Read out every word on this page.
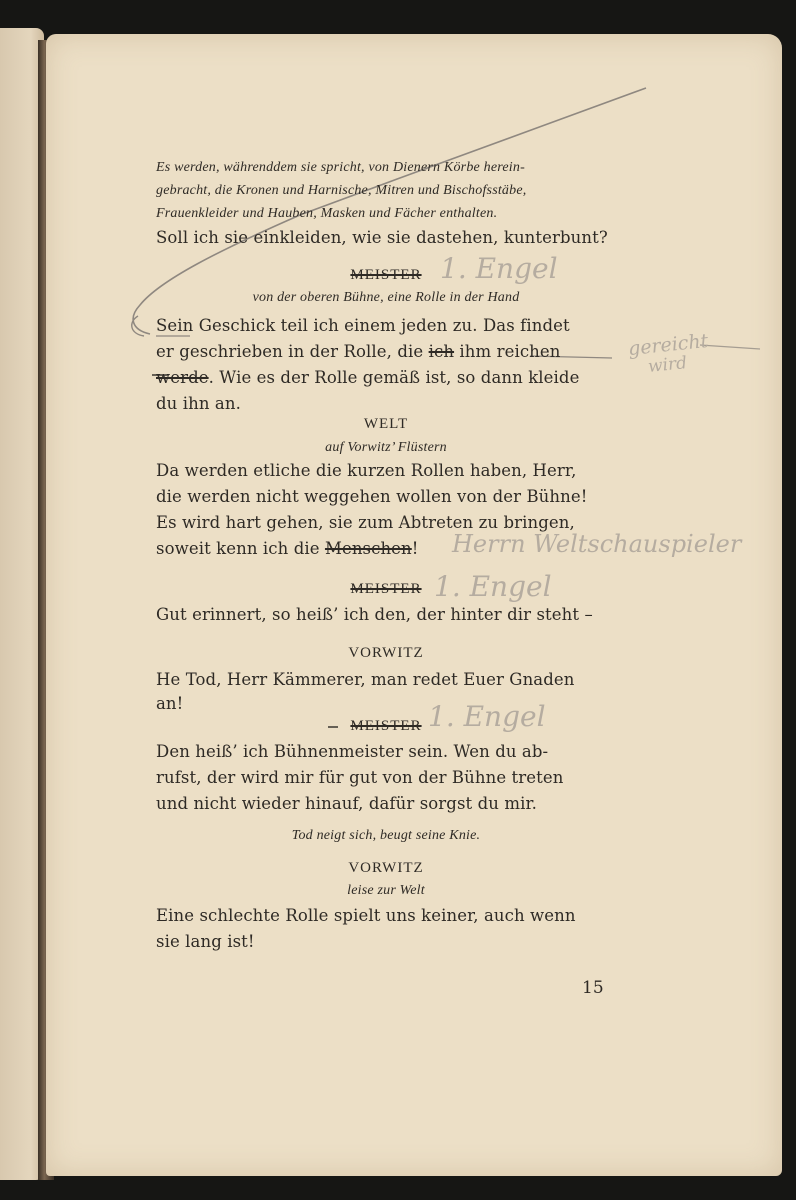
Es werden, währenddem sie spricht, von Dienern Körbe herein-
gebracht, die Kronen und Harnische, Mitren und Bischofsstäbe,
Frauenkleider und Hauben, Masken und Fächer enthalten.
Soll ich sie einkleiden, wie sie dastehen, kunterbunt?
MEISTER
von der oberen Bühne, eine Rolle in der Hand
Sein Geschick teil ich einem jeden zu. Das findet
er geschrieben in der Rolle, die ich ihm reichen
werde. Wie es der Rolle gemäß ist, so dann kleide
du ihn an.
WELT
auf Vorwitz’ Flüstern
Da werden etliche die kurzen Rollen haben, Herr,
die werden nicht weggehen wollen von der Bühne!
Es wird hart gehen, sie zum Abtreten zu bringen,
soweit kenn ich die Menschen!
MEISTER
Gut erinnert, so heiß’ ich den, der hinter dir steht –
VORWITZ
He Tod, Herr Kämmerer, man redet Euer Gnaden
an!
MEISTER
Den heiß’ ich Bühnenmeister sein. Wen du ab-
rufst, der wird mir für gut von der Bühne treten
und nicht wieder hinauf, dafür sorgst du mir.
Tod neigt sich, beugt seine Knie.
VORWITZ
leise zur Welt
Eine schlechte Rolle spielt uns keiner, auch wenn
sie lang ist!
1. Engel
gereicht
wird
Herrn Weltschauspieler
1. Engel
1. Engel
15
